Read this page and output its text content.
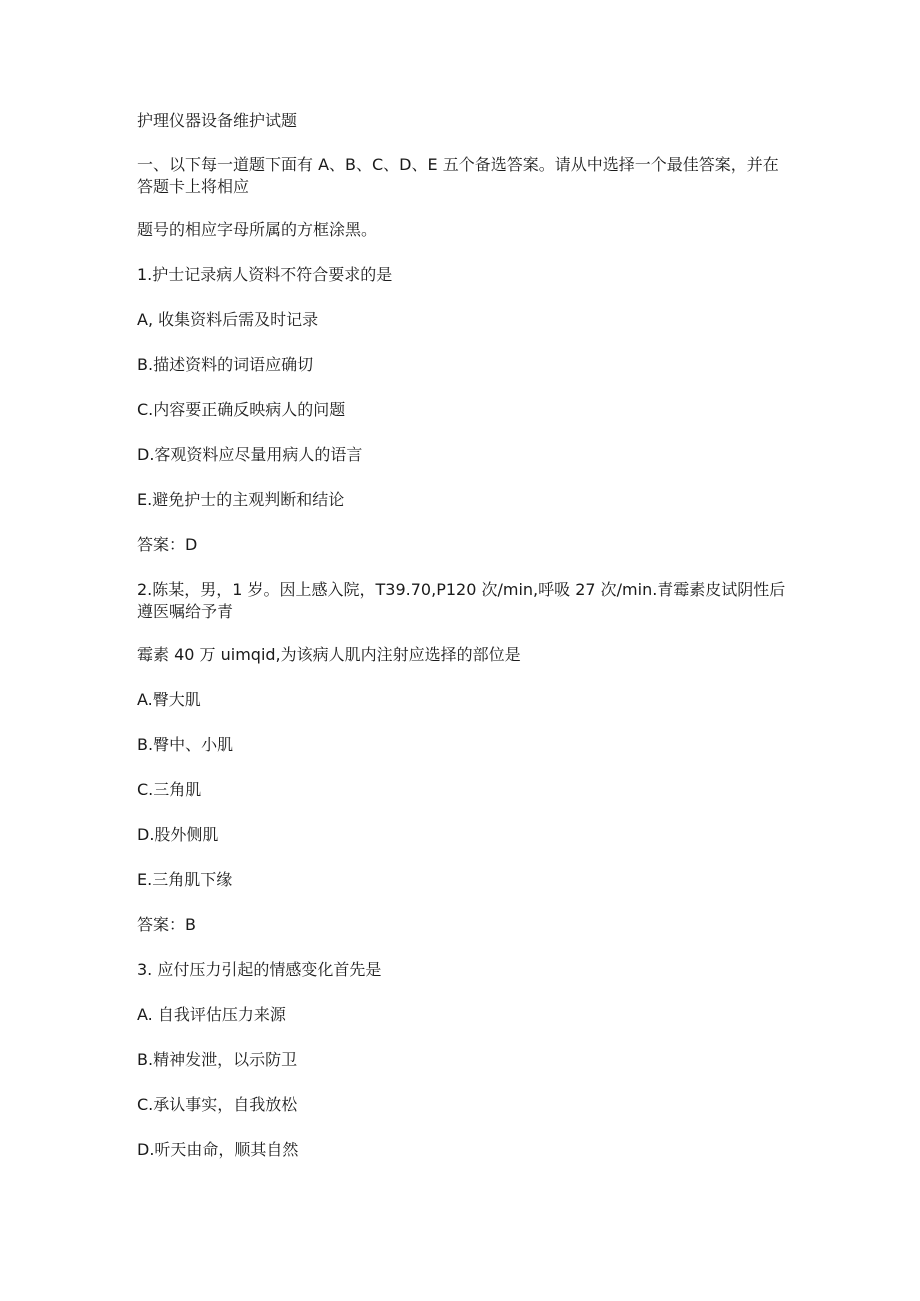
护理仪器设备维护试题
一、以下每一道题下面有 A、B、C、D、E 五个备选答案。请从中选择一个最佳答案，并在答题卡上将相应
题号的相应字母所属的方框涂黑。
1.护士记录病人资料不符合要求的是
A, 收集资料后需及时记录
B.描述资料的词语应确切
C.内容要正确反映病人的问题
D.客观资料应尽量用病人的语言
E.避免护士的主观判断和结论
答案：D
2.陈某，男，1 岁。因上感入院，T39.70,P120 次/min,呼吸 27 次/min.青霉素皮试阴性后遵医嘱给予青
霉素 40 万 uimqid,为该病人肌内注射应选择的部位是
A.臀大肌
B.臀中、小肌
C.三角肌
D.股外侧肌
E.三角肌下缘
答案：B
3. 应付压力引起的情感变化首先是
A. 自我评估压力来源
B.精神发泄，以示防卫
C.承认事实，自我放松
D.听天由命，顺其自然
